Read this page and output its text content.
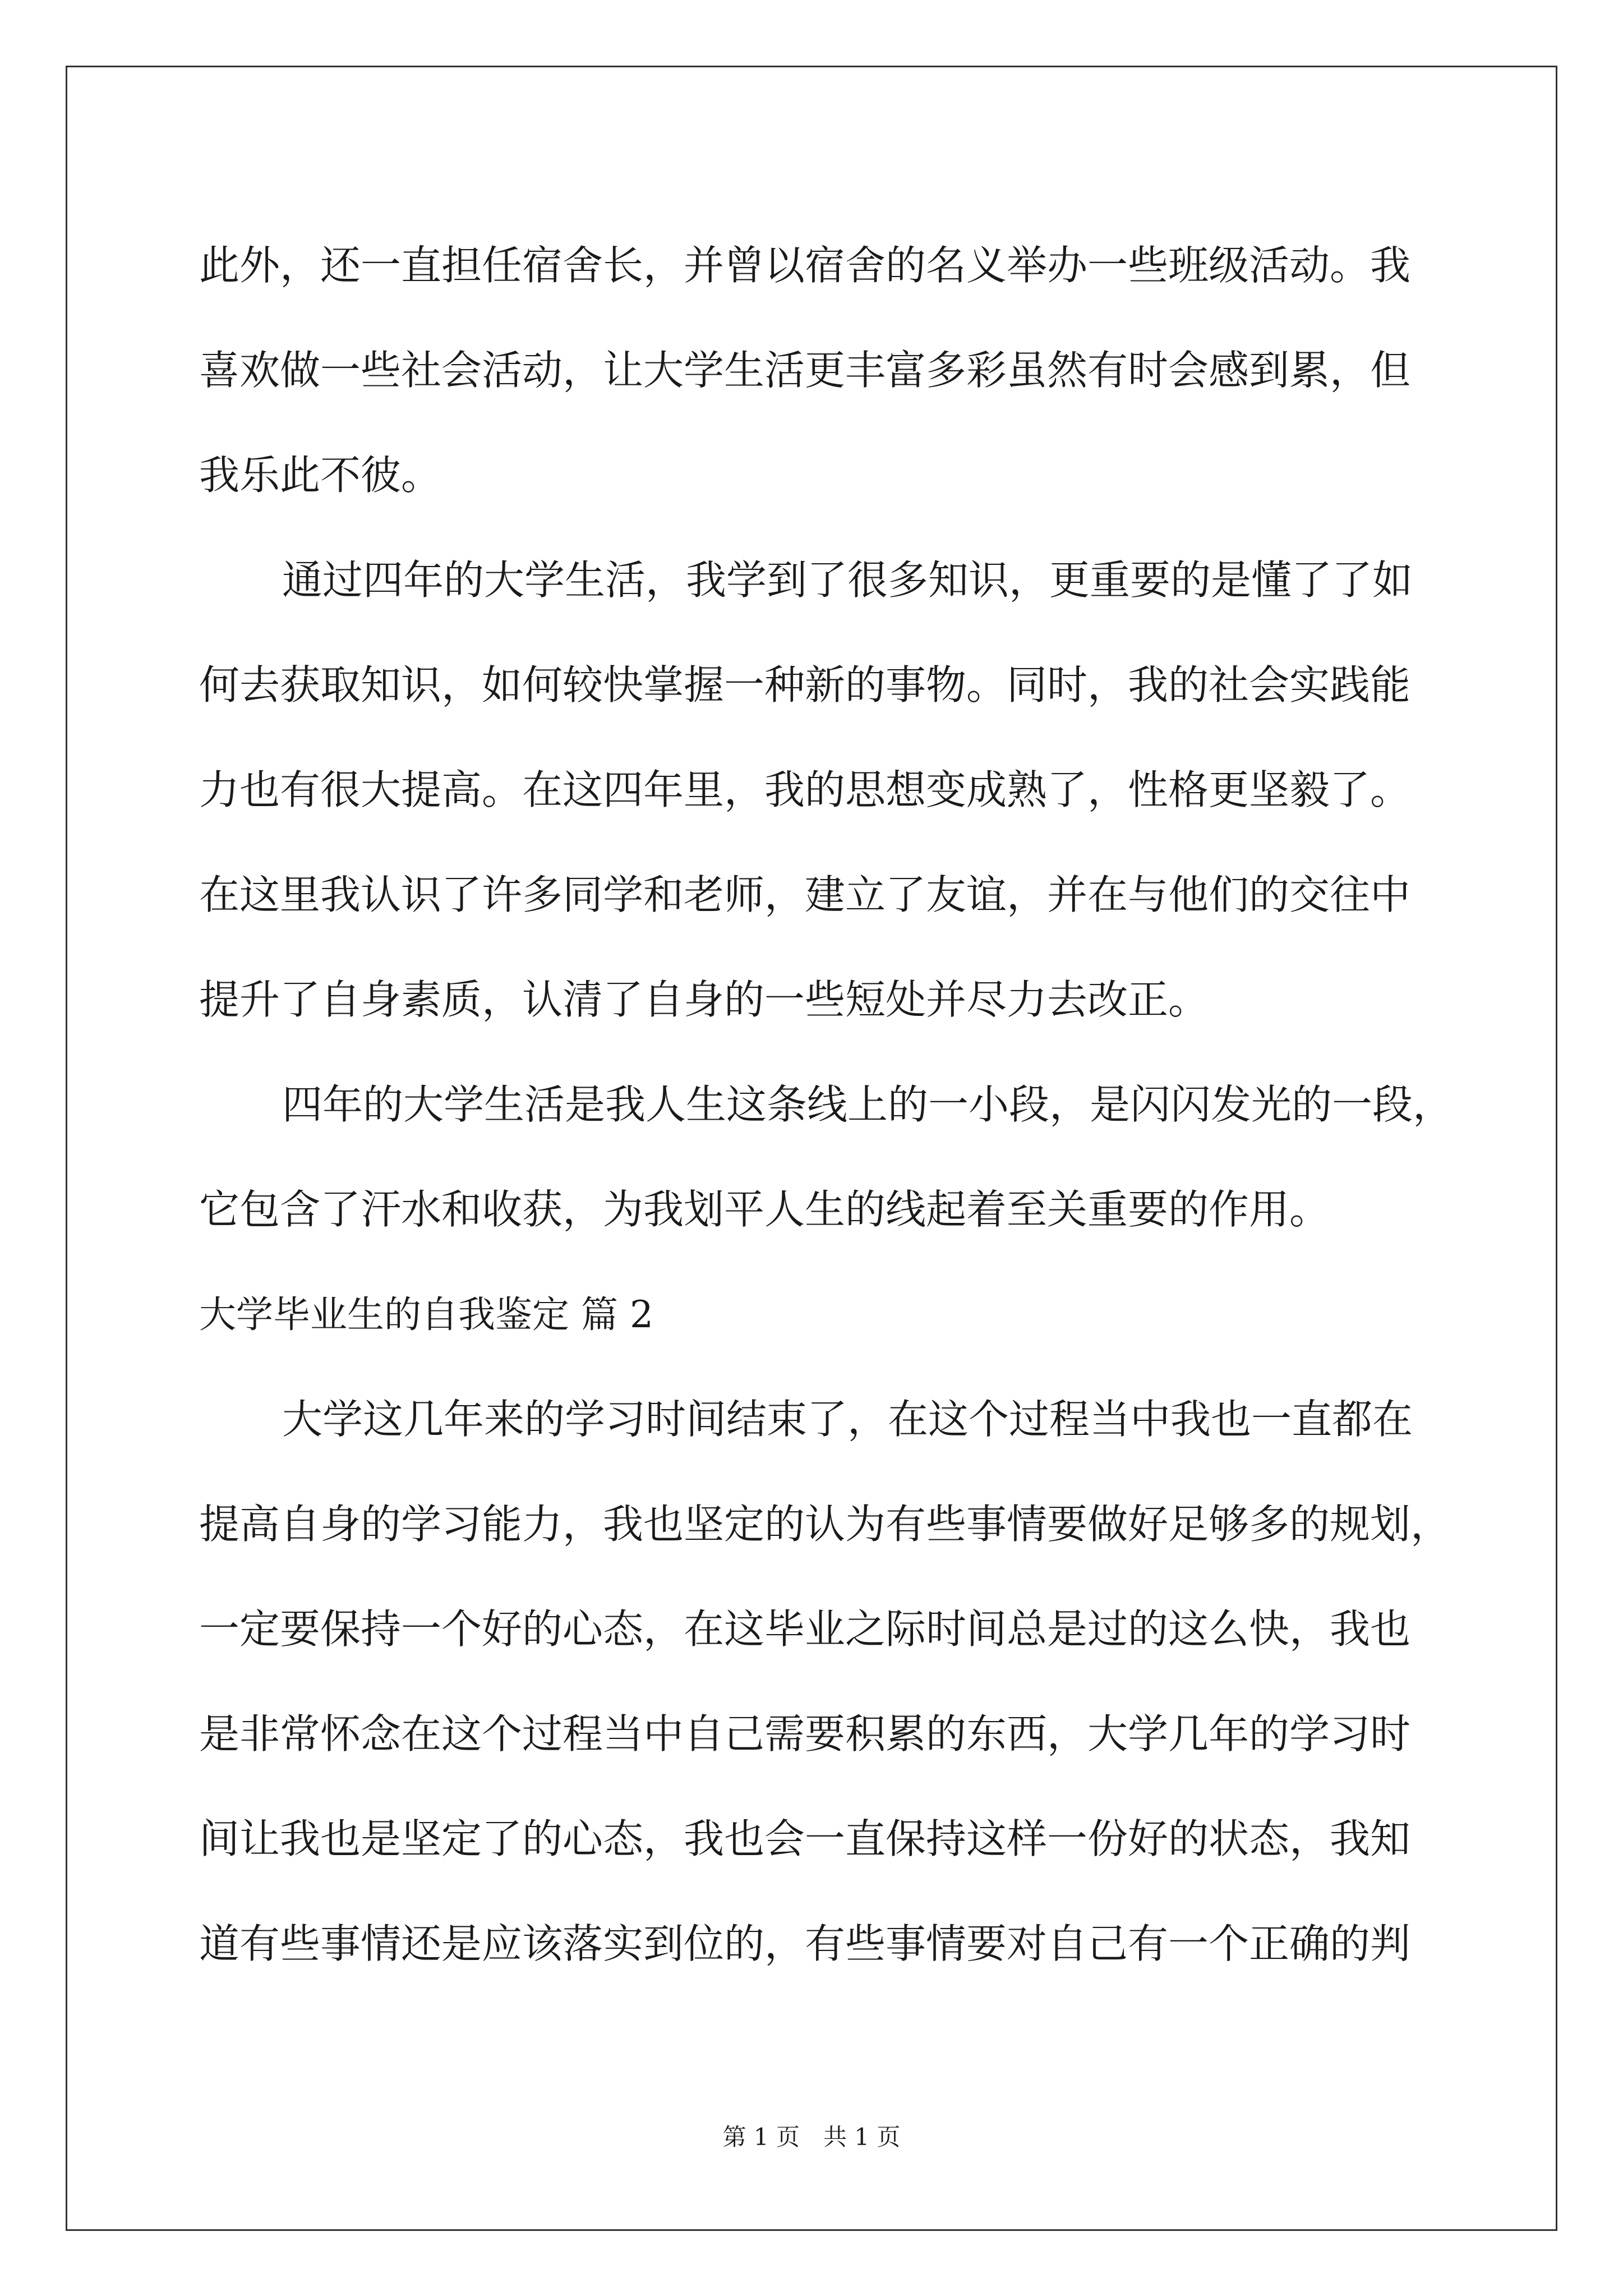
此外，还一直担任宿舍长，并曾以宿舍的名义举办一些班级活动。我
喜欢做一些社会活动，让大学生活更丰富多彩虽然有时会感到累，但
我乐此不彼。
通过四年的大学生活，我学到了很多知识，更重要的是懂了了如
何去获取知识，如何较快掌握一种新的事物。同时，我的社会实践能
力也有很大提高。在这四年里，我的思想变成熟了，性格更坚毅了。
在这里我认识了许多同学和老师，建立了友谊，并在与他们的交往中
提升了自身素质，认清了自身的一些短处并尽力去改正。
四年的大学生活是我人生这条线上的一小段，是闪闪发光的一段，
它包含了汗水和收获，为我划平人生的线起着至关重要的作用。
大学毕业生的自我鉴定 篇 2
大学这几年来的学习时间结束了，在这个过程当中我也一直都在
提高自身的学习能力，我也坚定的认为有些事情要做好足够多的规划，
一定要保持一个好的心态，在这毕业之际时间总是过的这么快，我也
是非常怀念在这个过程当中自己需要积累的东西，大学几年的学习时
间让我也是坚定了的心态，我也会一直保持这样一份好的状态，我知
道有些事情还是应该落实到位的，有些事情要对自己有一个正确的判
第 1 页　共 1 页
